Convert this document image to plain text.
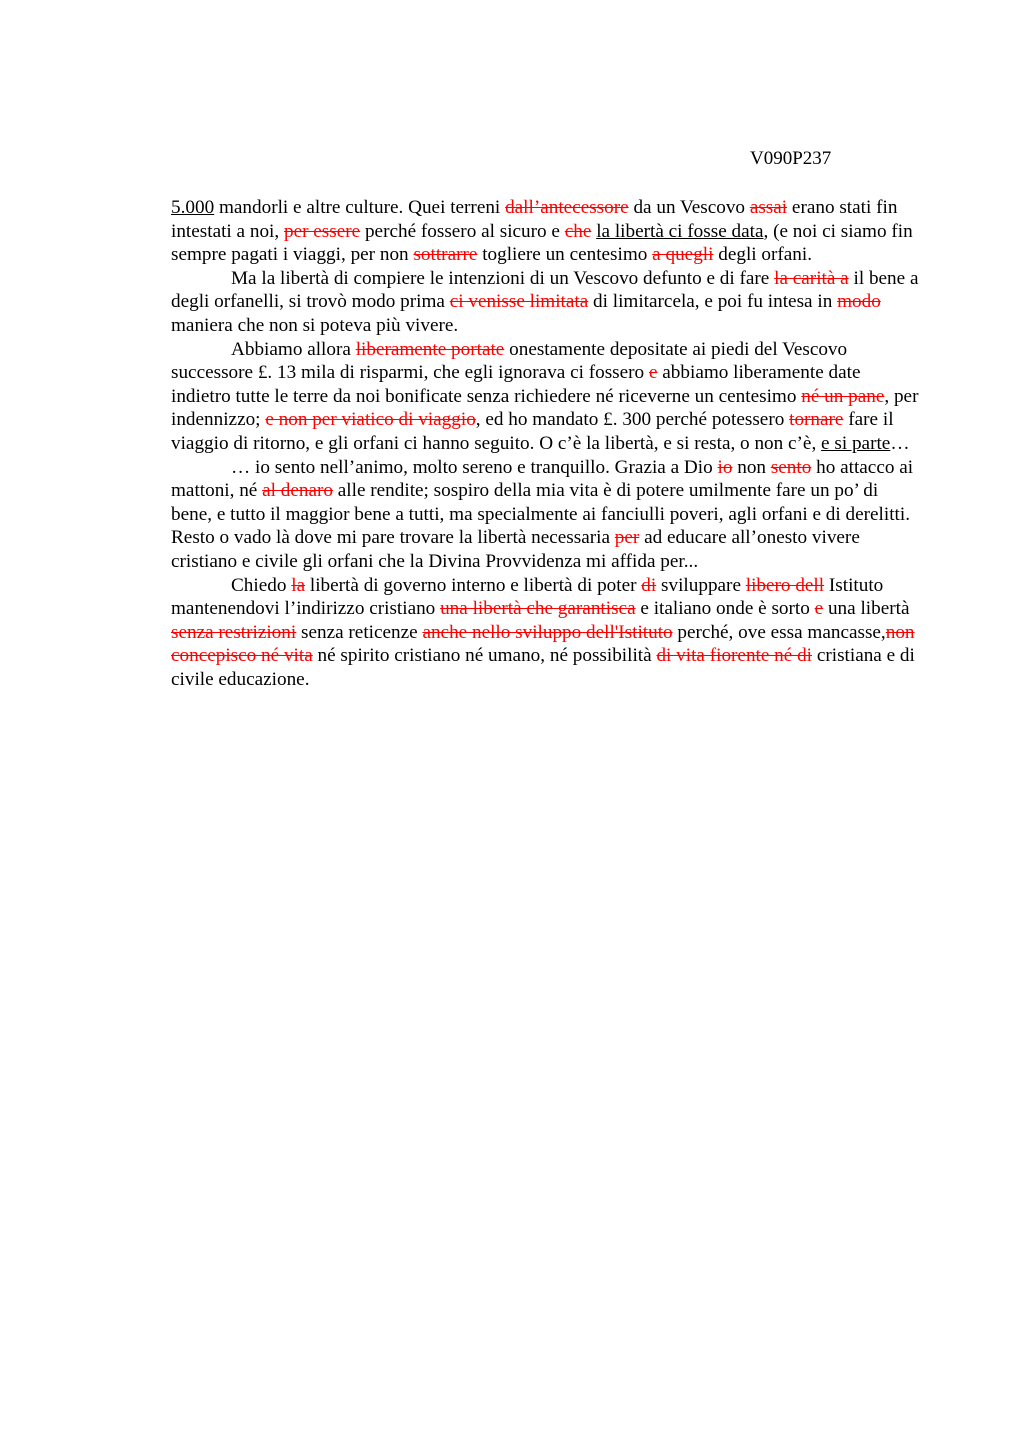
V090P237

5.000 mandorli e altre culture. Quei terreni dall’antecessore da un Vescovo assai erano stati fin intestati a noi, per essere perché fossero al sicuro e che la libertà ci fosse data, (e noi ci siamo fin sempre pagati i viaggi, per non sottrarre togliere un centesimo a quegli degli orfani.

Ma la libertà di compiere le intenzioni di un Vescovo defunto e di fare la carità a il bene a degli orfanelli, si trovò modo prima ci venisse limitata di limitarcela, e poi fu intesa in modo maniera che non si poteva più vivere.

Abbiamo allora liberamente portate onestamente depositate ai piedi del Vescovo successore £. 13 mila di risparmi, che egli ignorava ci fossero e abbiamo liberamente date indietro tutte le terre da noi bonificate senza richiedere né riceverne un centesimo né un pane, per indennizzo; e non per viatico di viaggio, ed ho mandato £. 300 perché potessero tornare fare il viaggio di ritorno, e gli orfani ci hanno seguito. O c’è la libertà, e si resta, o non c’è, e si parte…

… io sento nell’animo, molto sereno e tranquillo. Grazia a Dio io non sento ho attacco ai mattoni, né al denaro alle rendite; sospiro della mia vita è di potere umilmente fare un po’ di bene, e tutto il maggior bene a tutti, ma specialmente ai fanciulli poveri, agli orfani e di derelitti. Resto o vado là dove mi pare trovare la libertà necessaria per ad educare all’onesto vivere cristiano e civile gli orfani che la Divina Provvidenza mi affida per...

Chiedo la libertà di governo interno e libertà di poter di sviluppare libero dell Istituto mantenendovi l’indirizzo cristiano una libertà che garantisca e italiano onde è sorto e una libertà senza restrizioni senza reticenze anche nello sviluppo dell'Istituto perché, ove essa mancasse,non concepisco né vita né spirito cristiano né umano, né possibilità di vita fiorente né di cristiana e di civile educazione.
